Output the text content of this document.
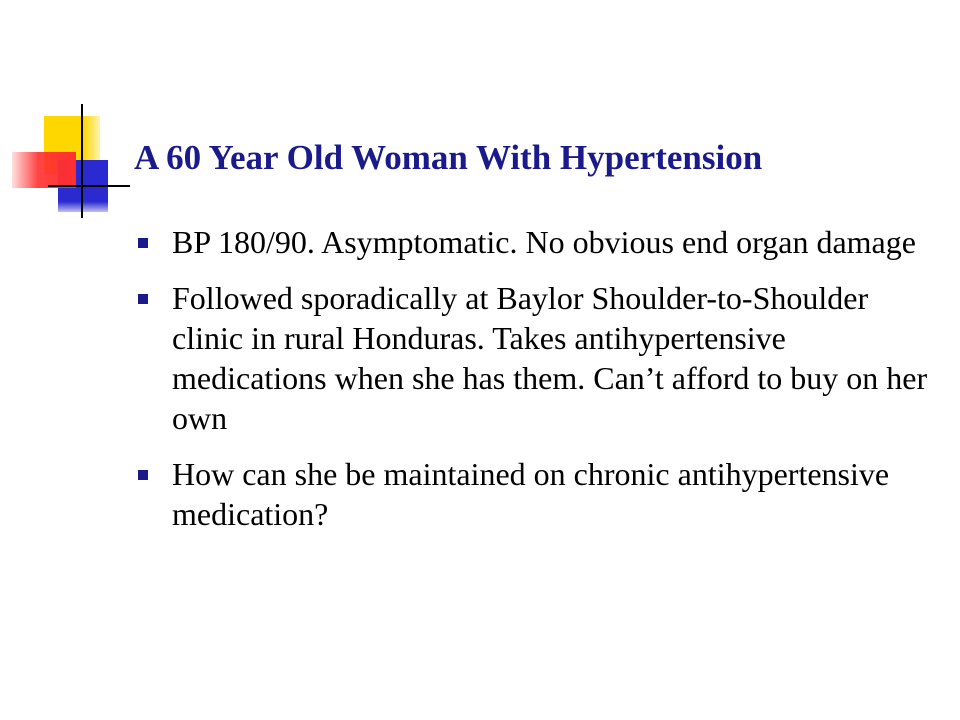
A 60 Year Old Woman With Hypertension
BP 180/90. Asymptomatic. No obvious end organ damage
Followed sporadically at Baylor Shoulder-to-Shoulder clinic in rural Honduras. Takes antihypertensive medications when she has them. Can’t afford to buy on her own
How can she be maintained on chronic antihypertensive medication?
